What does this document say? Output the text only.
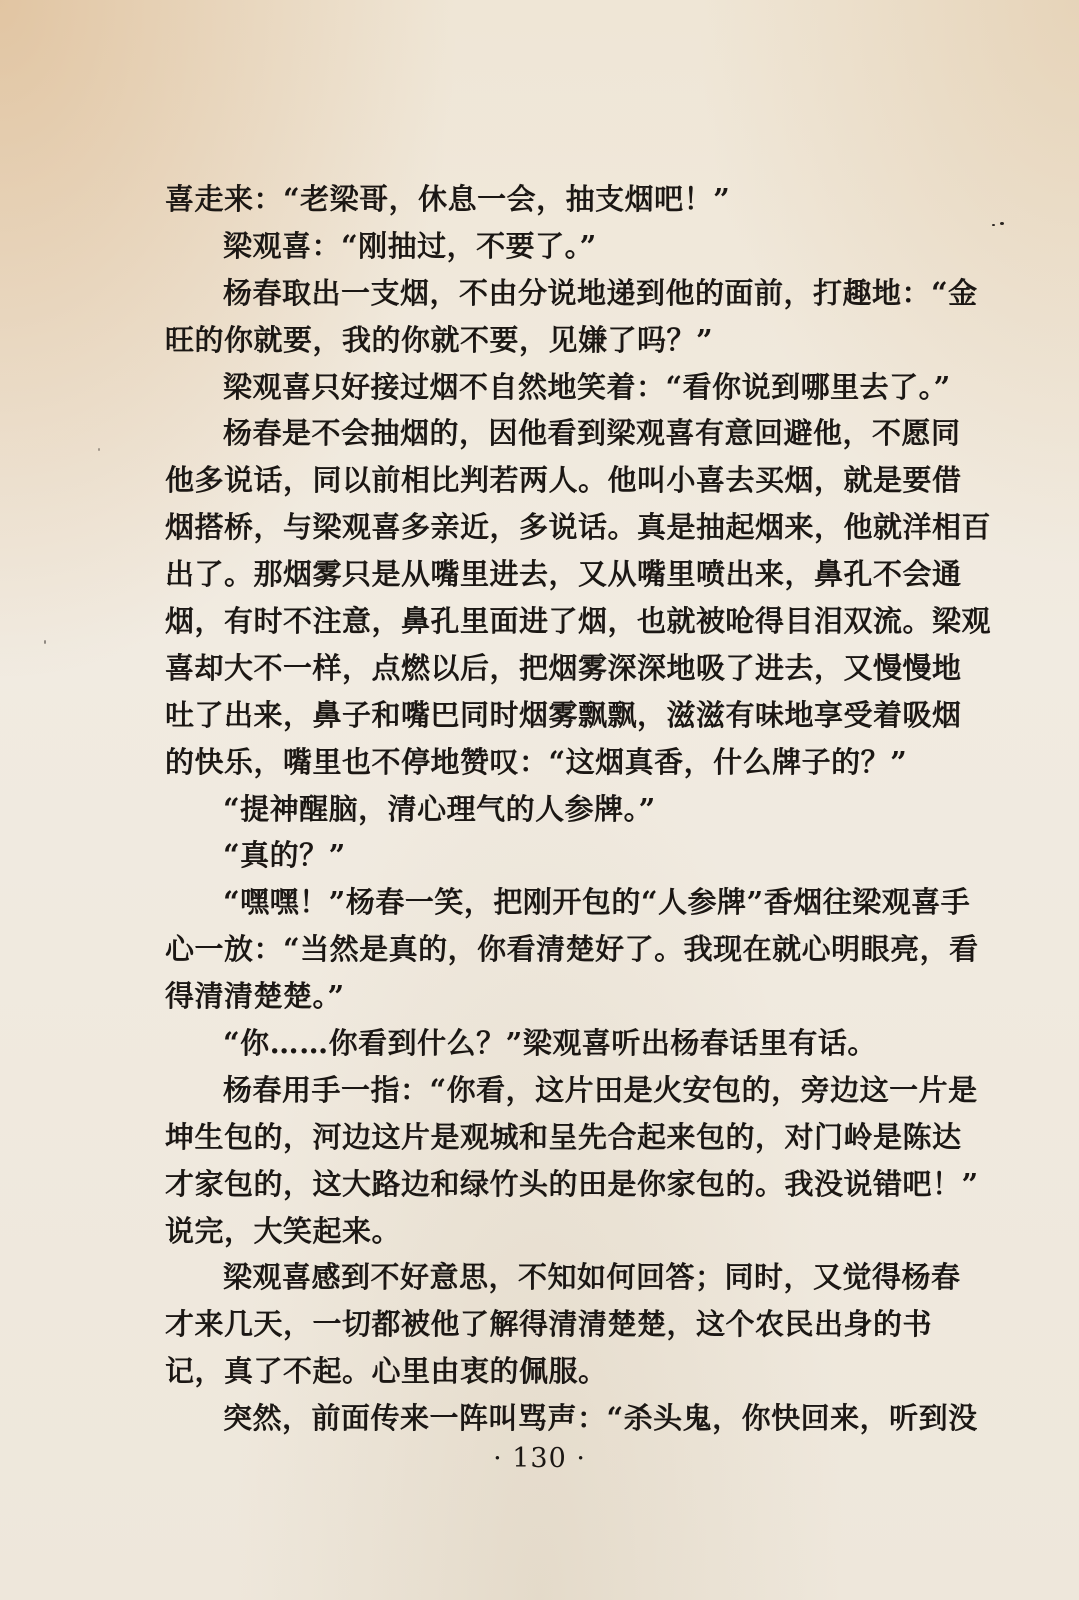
喜走来：“老梁哥，休息一会，抽支烟吧！”
梁观喜：“刚抽过，不要了。”
杨春取出一支烟，不由分说地递到他的面前，打趣地：“金
旺的你就要，我的你就不要，见嫌了吗？”
梁观喜只好接过烟不自然地笑着：“看你说到哪里去了。”
杨春是不会抽烟的，因他看到梁观喜有意回避他，不愿同
他多说话，同以前相比判若两人。他叫小喜去买烟，就是要借
烟搭桥，与梁观喜多亲近，多说话。真是抽起烟来，他就洋相百
出了。那烟雾只是从嘴里进去，又从嘴里喷出来，鼻孔不会通
烟，有时不注意，鼻孔里面进了烟，也就被呛得目泪双流。梁观
喜却大不一样，点燃以后，把烟雾深深地吸了进去，又慢慢地
吐了出来，鼻子和嘴巴同时烟雾飘飘，滋滋有味地享受着吸烟
的快乐，嘴里也不停地赞叹：“这烟真香，什么牌子的？”
“提神醒脑，清心理气的人参牌。”
“真的？”
“嘿嘿！”杨春一笑，把刚开包的“人参牌”香烟往梁观喜手
心一放：“当然是真的，你看清楚好了。我现在就心明眼亮，看
得清清楚楚。”
“你……你看到什么？”梁观喜听出杨春话里有话。
杨春用手一指：“你看，这片田是火安包的，旁边这一片是
坤生包的，河边这片是观城和呈先合起来包的，对门岭是陈达
才家包的，这大路边和绿竹头的田是你家包的。我没说错吧！”
说完，大笑起来。
梁观喜感到不好意思，不知如何回答；同时，又觉得杨春
才来几天，一切都被他了解得清清楚楚，这个农民出身的书
记，真了不起。心里由衷的佩服。
突然，前面传来一阵叫骂声：“杀头鬼，你快回来，听到没
· 130 ·
